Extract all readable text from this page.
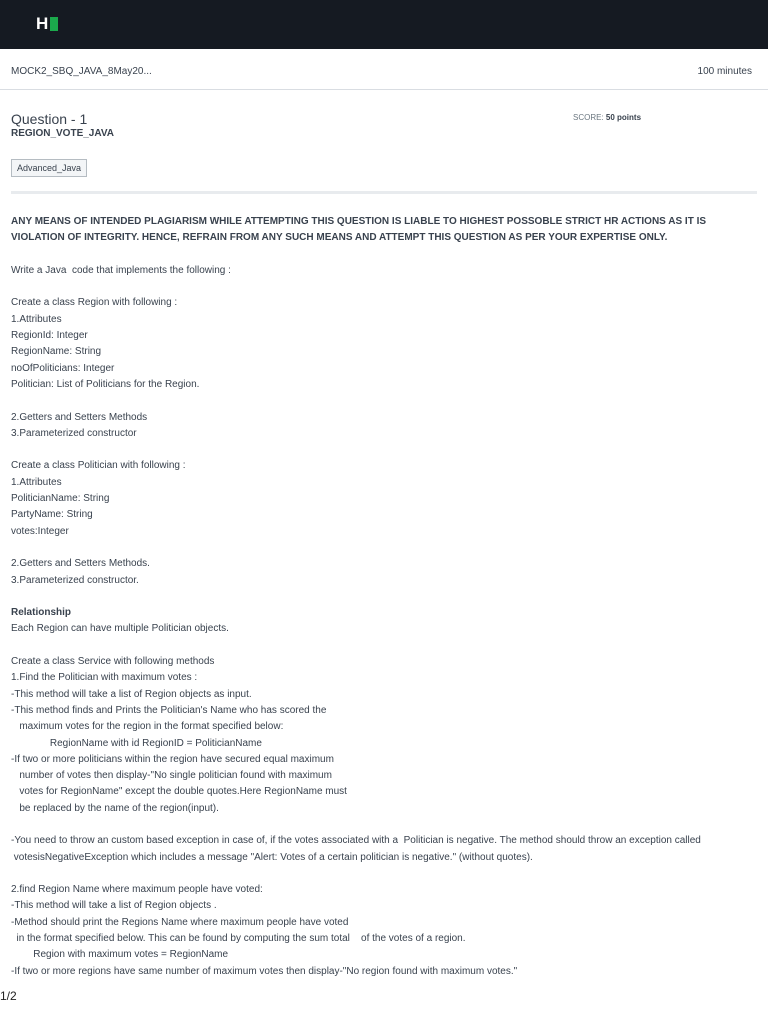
H
MOCK2_SBQ_JAVA_8May20...	100 minutes
Question - 1
REGION_VOTE_JAVA
SCORE: 50 points
Advanced_Java
ANY MEANS OF INTENDED PLAGIARISM WHILE ATTEMPTING THIS QUESTION IS LIABLE TO HIGHEST POSSOBLE STRICT HR ACTIONS AS IT IS VIOLATION OF INTEGRITY. HENCE, REFRAIN FROM ANY SUCH MEANS AND ATTEMPT THIS QUESTION AS PER YOUR EXPERTISE ONLY.
Write a Java  code that implements the following :
Create a class Region with following :
1.Attributes
RegionId: Integer
RegionName: String
noOfPoliticians: Integer
Politician: List of Politicians for the Region.
2.Getters and Setters Methods
3.Parameterized constructor
Create a class Politician with following :
1.Attributes
PoliticianName: String
PartyName: String
votes:Integer
2.Getters and Setters Methods.
3.Parameterized constructor.
Relationship
Each Region can have multiple Politician objects.
Create a class Service with following methods
1.Find the Politician with maximum votes :
-This method will take a list of Region objects as input.
-This method finds and Prints the Politician's Name who has scored the
maximum votes for the region in the format specified below:
RegionName with id RegionID = PoliticianName
-If two or more politicians within the region have secured equal maximum
number of votes then display-"No single politician found with maximum
votes for RegionName" except the double quotes.Here RegionName must
be replaced by the name of the region(input).
-You need to throw an custom based exception in case of, if the votes associated with a  Politician is negative. The method should throw an exception called
votesisNegativeException which includes a message "Alert: Votes of a certain politician is negative." (without quotes).
2.find Region Name where maximum people have voted:
-This method will take a list of Region objects .
-Method should print the Regions Name where maximum people have voted
in the format specified below. This can be found by computing the sum total    of the votes of a region.
Region with maximum votes = RegionName
-If two or more regions have same number of maximum votes then display-"No region found with maximum votes."
1/2
